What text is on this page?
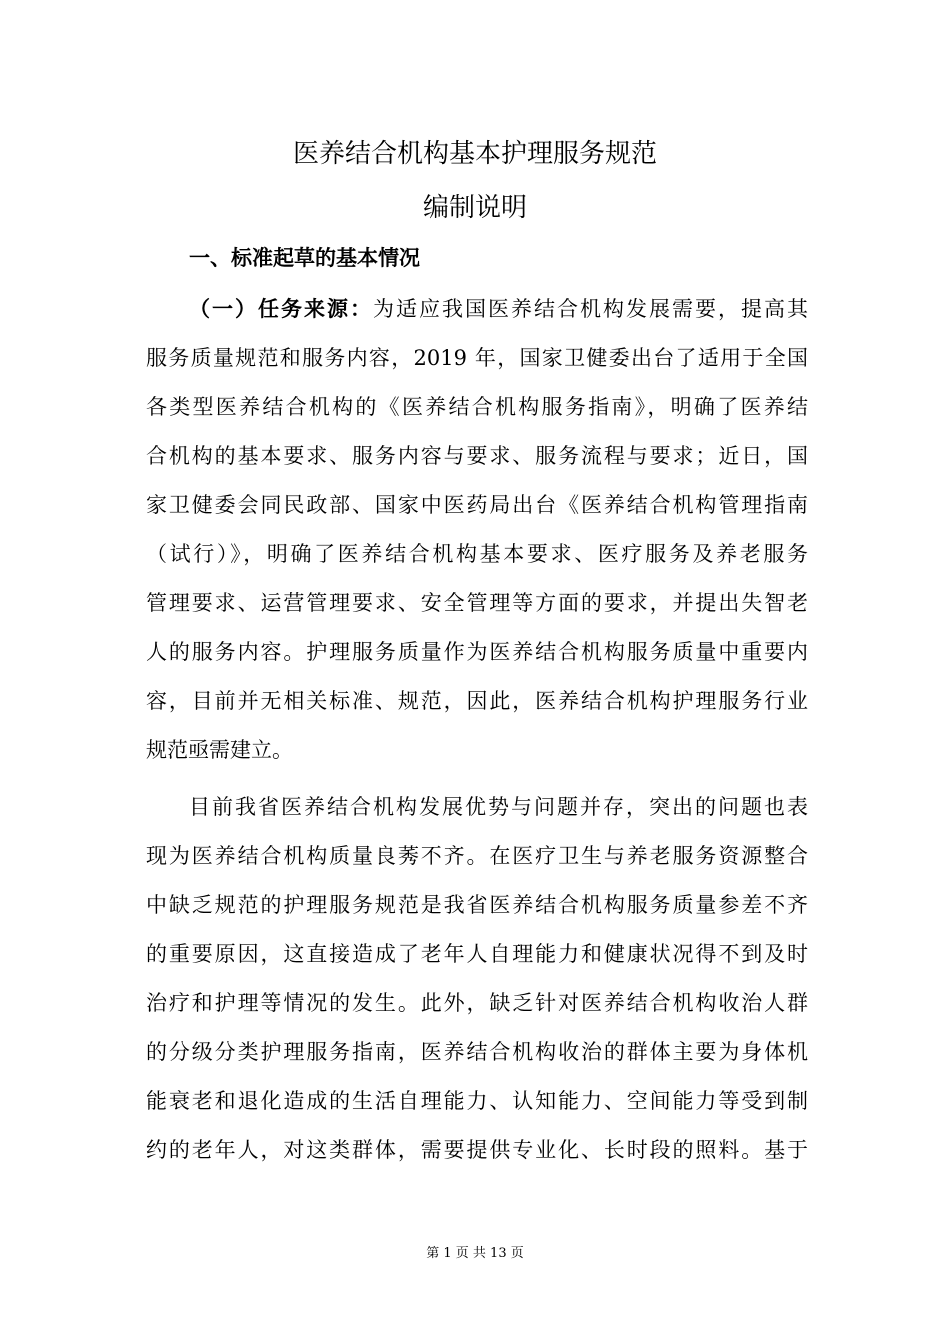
医养结合机构基本护理服务规范
编制说明
一、标准起草的基本情况
（一）任务来源：为适应我国医养结合机构发展需要，提高其
服务质量规范和服务内容，2019 年，国家卫健委出台了适用于全国
各类型医养结合机构的《医养结合机构服务指南》，明确了医养结
合机构的基本要求、服务内容与要求、服务流程与要求；近日，国
家卫健委会同民政部、国家中医药局出台《医养结合机构管理指南
（试行）》，明确了医养结合机构基本要求、医疗服务及养老服务
管理要求、运营管理要求、安全管理等方面的要求，并提出失智老
人的服务内容。护理服务质量作为医养结合机构服务质量中重要内
容，目前并无相关标准、规范，因此，医养结合机构护理服务行业
规范亟需建立。
目前我省医养结合机构发展优势与问题并存，突出的问题也表
现为医养结合机构质量良莠不齐。在医疗卫生与养老服务资源整合
中缺乏规范的护理服务规范是我省医养结合机构服务质量参差不齐
的重要原因，这直接造成了老年人自理能力和健康状况得不到及时
治疗和护理等情况的发生。此外，缺乏针对医养结合机构收治人群
的分级分类护理服务指南，医养结合机构收治的群体主要为身体机
能衰老和退化造成的生活自理能力、认知能力、空间能力等受到制
约的老年人，对这类群体，需要提供专业化、长时段的照料。基于
第 1 页 共 13 页
